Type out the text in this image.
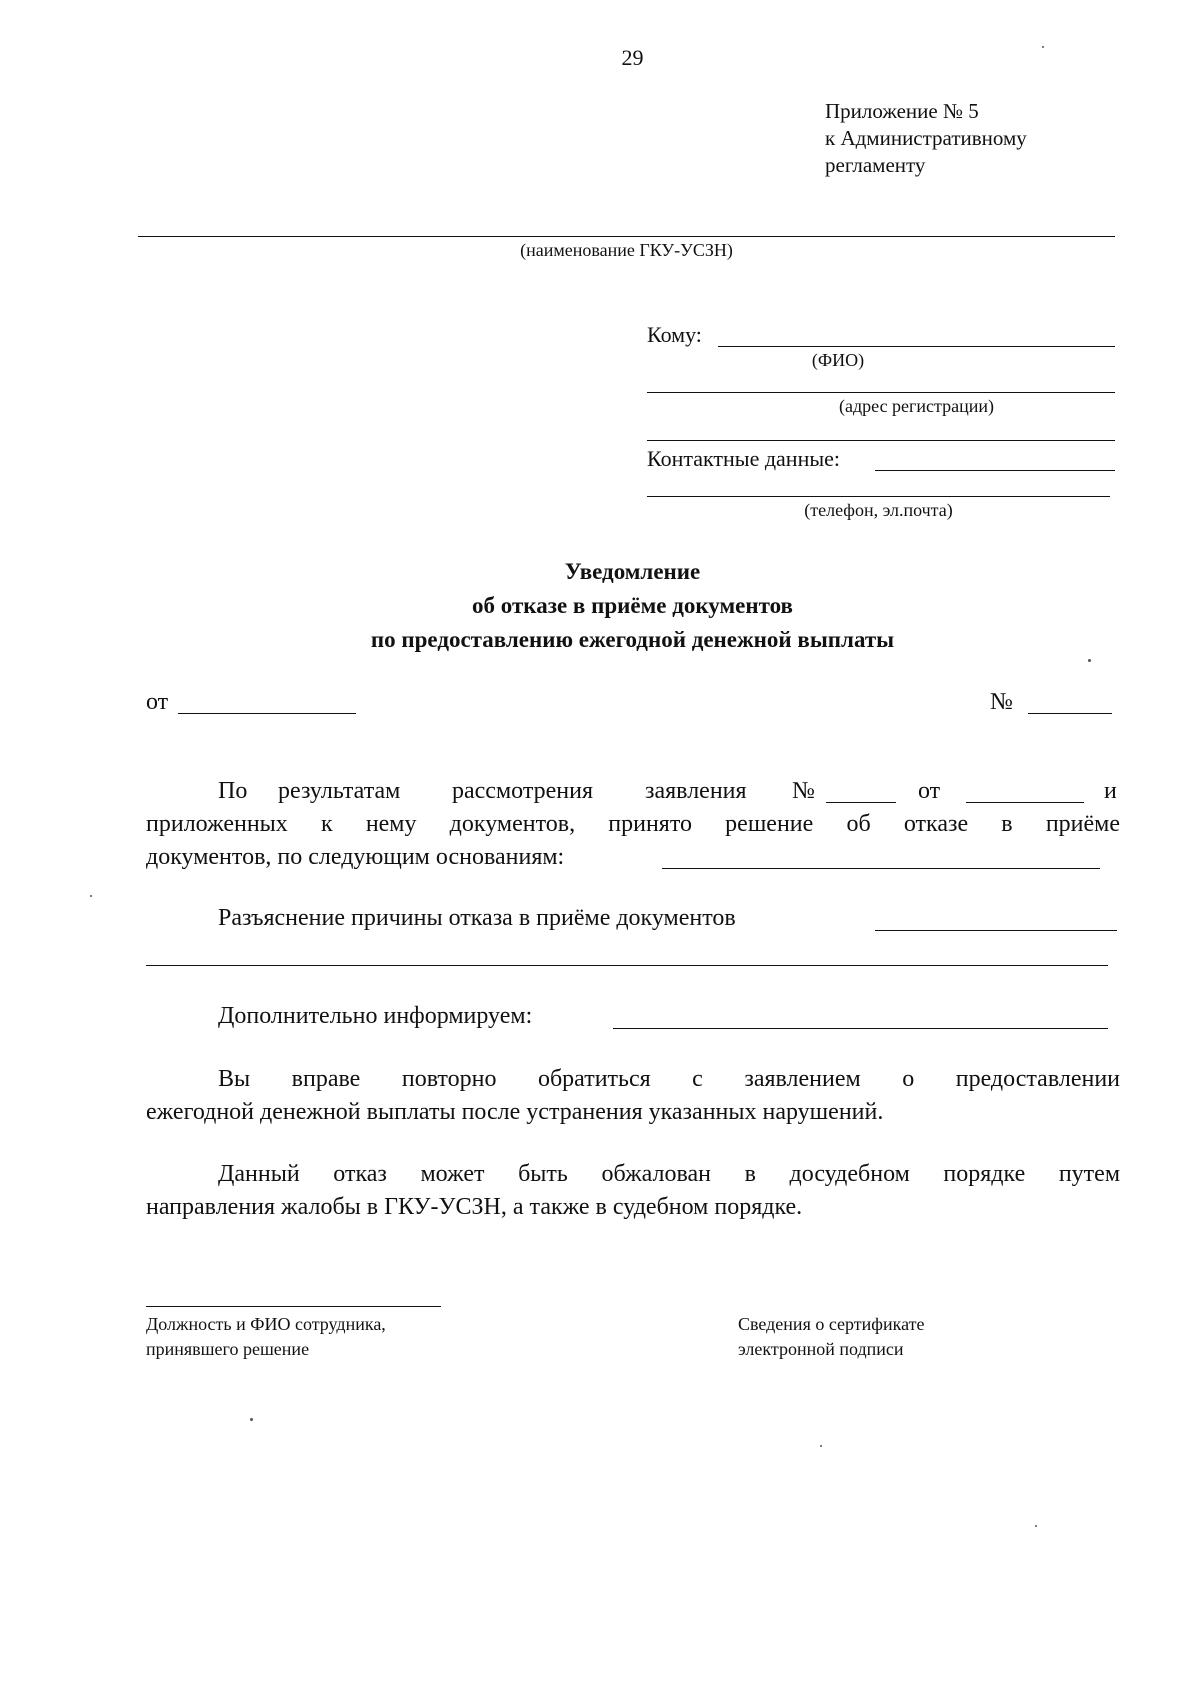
29
Приложение № 5
к Административному
регламенту
(наименование ГКУ-УСЗН)
Кому:
(ФИО)
(адрес регистрации)
Контактные данные:
(телефон, эл.почта)
Уведомление
об отказе в приёме документов
по предоставлению ежегодной денежной выплаты
от	№
По результатам рассмотрения заявления №	от	и
приложенных к нему документов, принято решение об отказе в приёме
документов, по следующим основаниям:
Разъяснение причины отказа в приёме документов
Дополнительно информируем:
Вы вправе повторно обратиться с заявлением о предоставлении
ежегодной денежной выплаты после устранения указанных нарушений.
Данный отказ может быть обжалован в досудебном порядке путем
направления жалобы в ГКУ-УСЗН, а также в судебном порядке.
Должность и ФИО сотрудника,
принявшего решение
Сведения о сертификате
электронной подписи
